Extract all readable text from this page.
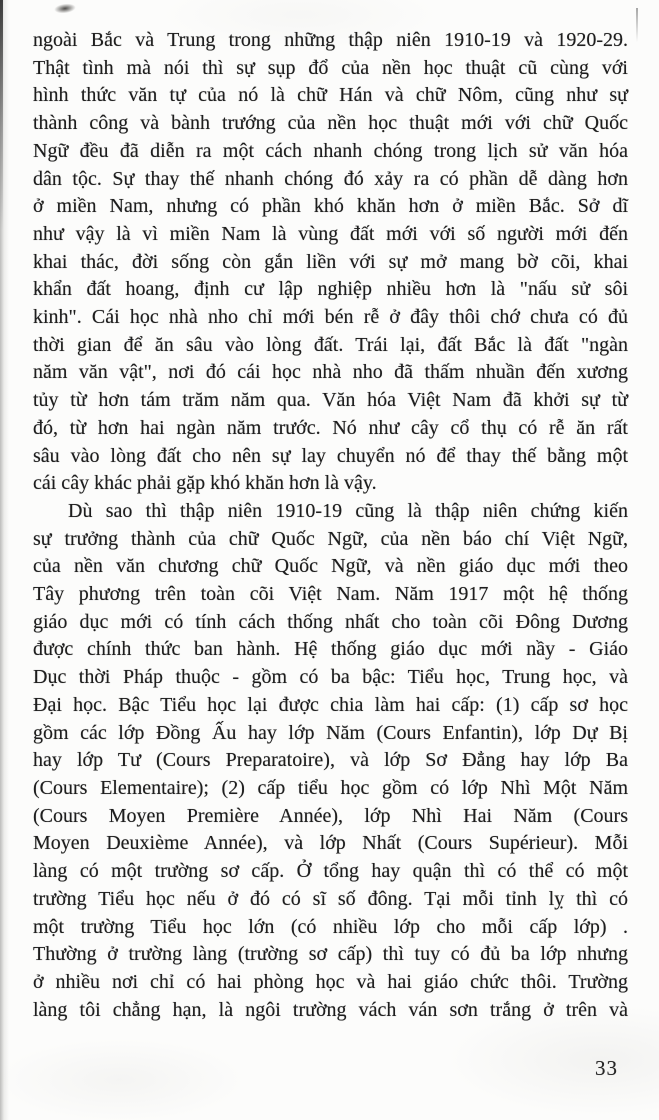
ngoài Bắc và Trung trong những thập niên 1910-19 và 1920-29.
Thật tình mà nói thì sự sụp đổ của nền học thuật cũ cùng với
hình thức văn tự của nó là chữ Hán và chữ Nôm, cũng như sự
thành công và bành trướng của nền học thuật mới với chữ Quốc
Ngữ đều đã diễn ra một cách nhanh chóng trong lịch sử văn hóa
dân tộc. Sự thay thế nhanh chóng đó xảy ra có phần dễ dàng hơn
ở miền Nam, nhưng có phần khó khăn hơn ở miền Bắc. Sở dĩ
như vậy là vì miền Nam là vùng đất mới với số người mới đến
khai thác, đời sống còn gắn liền với sự mở mang bờ cõi, khai
khẩn đất hoang, định cư lập nghiệp nhiều hơn là "nấu sử sôi
kinh". Cái học nhà nho chỉ mới bén rễ ở đây thôi chớ chưa có đủ
thời gian để ăn sâu vào lòng đất. Trái lại, đất Bắc là đất "ngàn
năm văn vật", nơi đó cái học nhà nho đã thấm nhuần đến xương
tủy từ hơn tám trăm năm qua. Văn hóa Việt Nam đã khởi sự từ
đó, từ hơn hai ngàn năm trước. Nó như cây cổ thụ có rễ ăn rất
sâu vào lòng đất cho nên sự lay chuyển nó để thay thế bằng một
cái cây khác phải gặp khó khăn hơn là vậy.
Dù sao thì thập niên 1910-19 cũng là thập niên chứng kiến
sự trưởng thành của chữ Quốc Ngữ, của nền báo chí Việt Ngữ,
của nền văn chương chữ Quốc Ngữ, và nền giáo dục mới theo
Tây phương trên toàn cõi Việt Nam. Năm 1917 một hệ thống
giáo dục mới có tính cách thống nhất cho toàn cõi Đông Dương
được chính thức ban hành. Hệ thống giáo dục mới nầy - Giáo
Dục thời Pháp thuộc - gồm có ba bậc: Tiểu học, Trung học, và
Đại học. Bậc Tiểu học lại được chia làm hai cấp: (1) cấp sơ học
gồm các lớp Đồng Ấu hay lớp Năm (Cours Enfantin), lớp Dự Bị
hay lớp Tư (Cours Preparatoire), và lớp Sơ Đẳng hay lớp Ba
(Cours Elementaire); (2) cấp tiểu học gồm có lớp Nhì Một Năm
(Cours Moyen Première Année), lớp Nhì Hai Năm (Cours
Moyen Deuxième Année), và lớp Nhất (Cours Supérieur). Mỗi
làng có một trường sơ cấp. Ở tổng hay quận thì có thể có một
trường Tiểu học nếu ở đó có sĩ số đông. Tại mỗi tỉnh lỵ thì có
một trường Tiểu học lớn (có nhiều lớp cho mỗi cấp lớp) .
Thường ở trường làng (trường sơ cấp) thì tuy có đủ ba lớp nhưng
ở nhiều nơi chỉ có hai phòng học và hai giáo chức thôi. Trường
làng tôi chẳng hạn, là ngôi trường vách ván sơn trắng ở trên và
33
